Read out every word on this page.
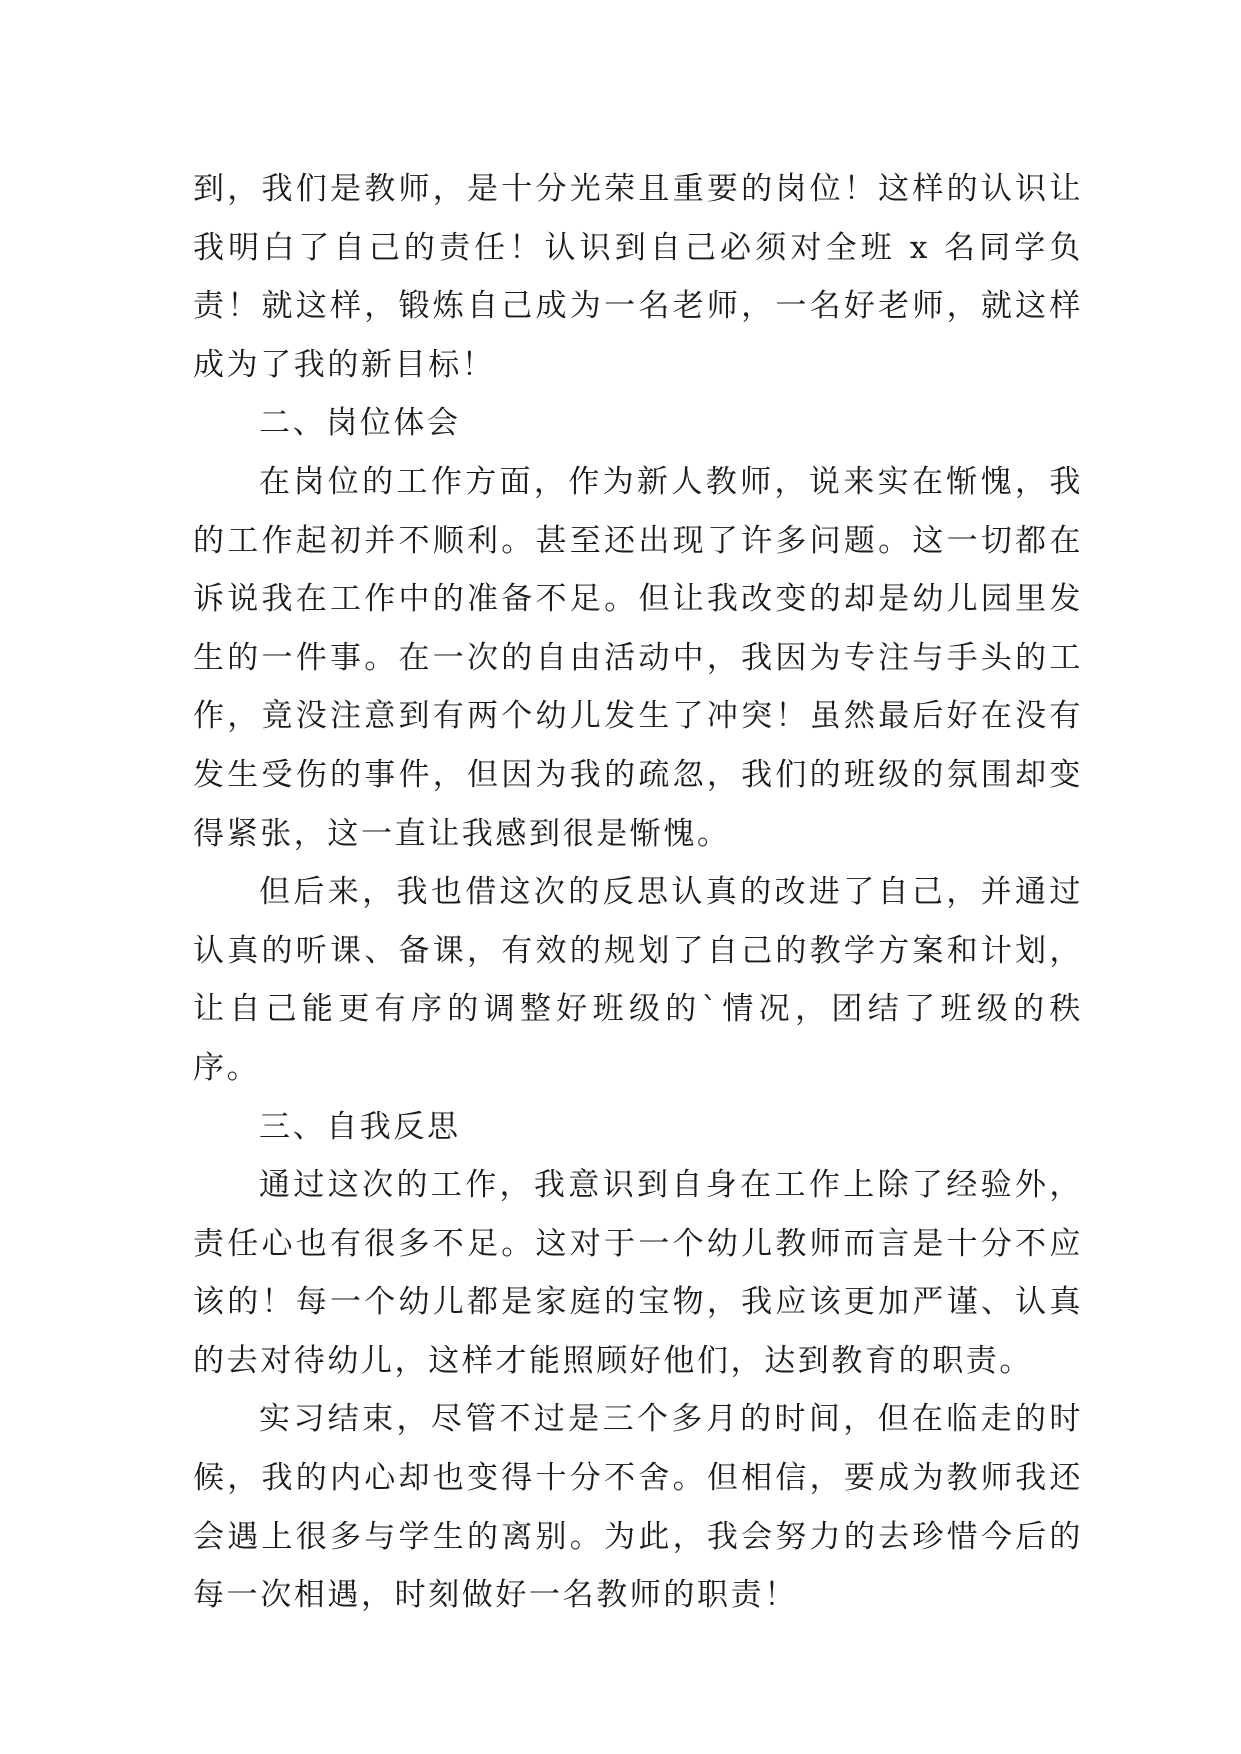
到，我们是教师，是十分光荣且重要的岗位！这样的认识让我明白了自己的责任！认识到自己必须对全班 x 名同学负责！就这样，锻炼自己成为一名老师，一名好老师，就这样成为了我的新目标！

二、岗位体会

在岗位的工作方面，作为新人教师，说来实在惭愧，我的工作起初并不顺利。甚至还出现了许多问题。这一切都在诉说我在工作中的准备不足。但让我改变的却是幼儿园里发生的一件事。在一次的自由活动中，我因为专注与手头的工作，竟没注意到有两个幼儿发生了冲突！虽然最后好在没有发生受伤的事件，但因为我的疏忽，我们的班级的氛围却变得紧张，这一直让我感到很是惭愧。

但后来，我也借这次的反思认真的改进了自己，并通过认真的听课、备课，有效的规划了自己的教学方案和计划，让自己能更有序的调整好班级的`情况，团结了班级的秩序。

三、自我反思

通过这次的工作，我意识到自身在工作上除了经验外，责任心也有很多不足。这对于一个幼儿教师而言是十分不应该的！每一个幼儿都是家庭的宝物，我应该更加严谨、认真的去对待幼儿，这样才能照顾好他们，达到教育的职责。

实习结束，尽管不过是三个多月的时间，但在临走的时候，我的内心却也变得十分不舍。但相信，要成为教师我还会遇上很多与学生的离别。为此，我会努力的去珍惜今后的每一次相遇，时刻做好一名教师的职责！
